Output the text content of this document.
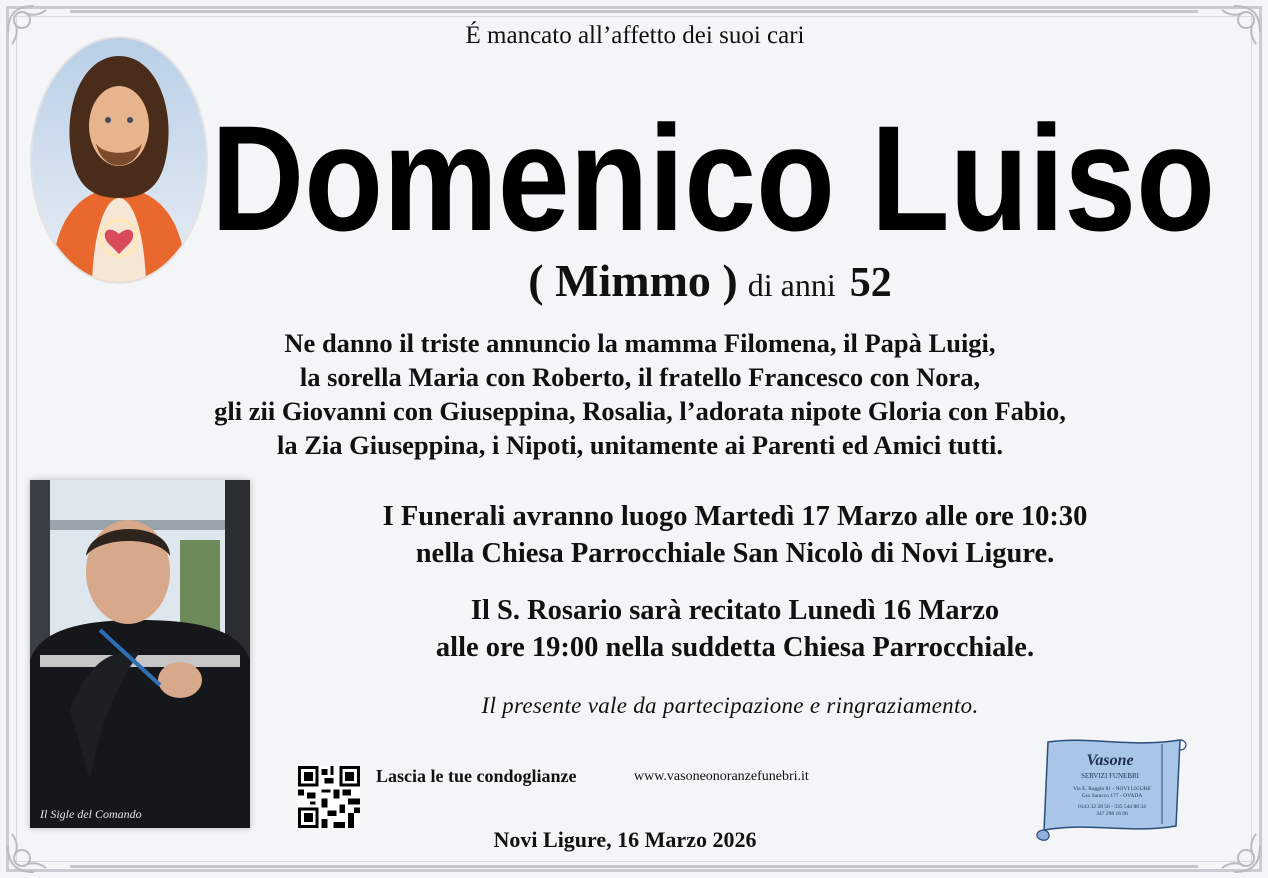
É mancato all’affetto dei suoi cari
Domenico Luiso
( Mimmo ) di anni 52
Ne danno il triste annuncio la mamma Filomena, il Papà Luigi,
la sorella Maria con Roberto, il fratello Francesco con Nora,
gli zii Giovanni con Giuseppina, Rosalia, l’adorata nipote Gloria con Fabio,
la Zia Giuseppina, i Nipoti, unitamente ai Parenti ed Amici tutti.
Il Sigle del Comando
I Funerali avranno luogo Martedì 17 Marzo alle ore 10:30
nella Chiesa Parrocchiale San Nicolò di Novi Ligure.
Il S. Rosario sarà recitato Lunedì 16 Marzo
alle ore 19:00 nella suddetta Chiesa Parrocchiale.
Il presente vale da partecipazione e ringraziamento.
Lascia le tue condoglianze	www.vasoneonoranzefunebri.it
Novi Ligure, 16 Marzo 2026
Vasone
SERVIZI FUNEBRI
Via E. Raggio 81 - NOVI LIGURE
Cso Saracco 177 - OVADA
0143 32 28 56 - 335 544 88 34
347 298 16 06
